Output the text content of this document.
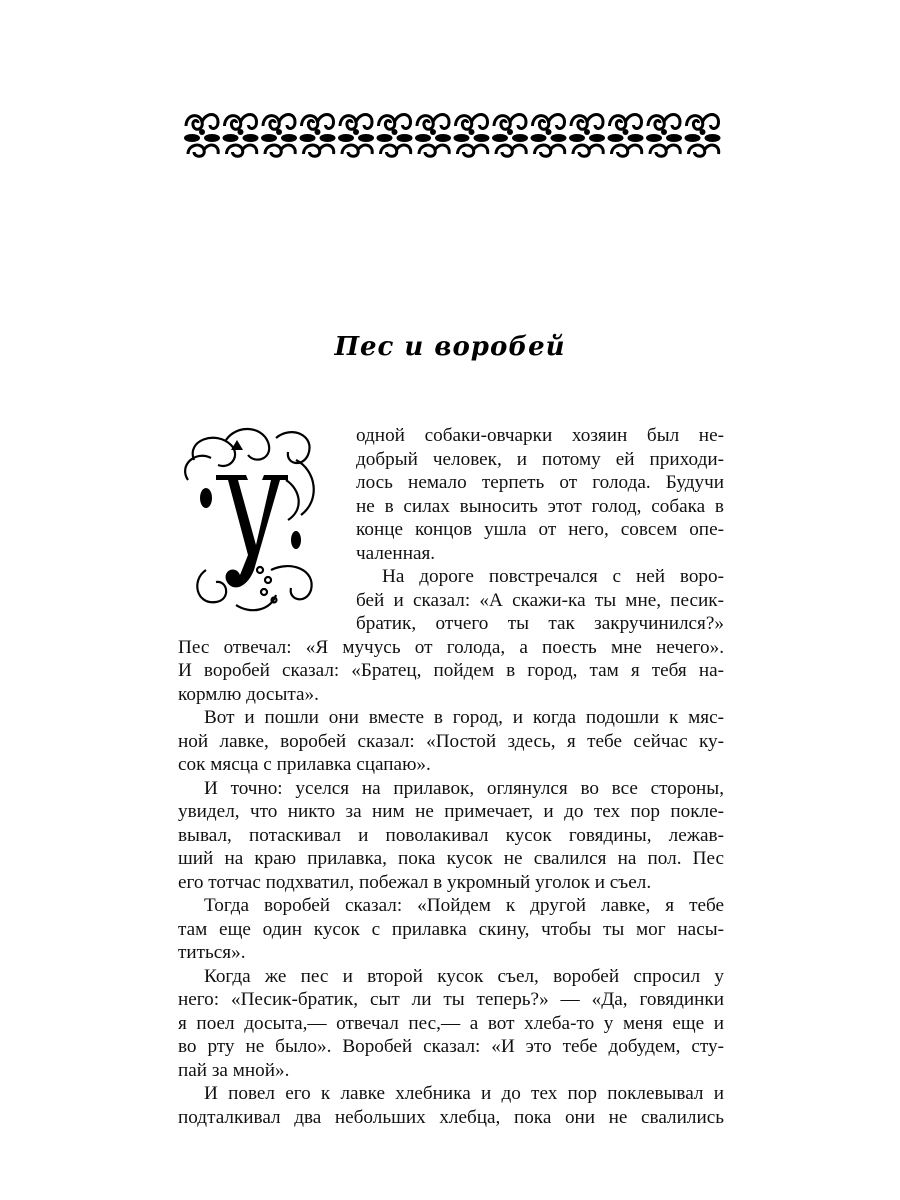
Пес и воробей
У
одной собаки-овчарки хозяин был не-
добрый человек, и потому ей приходи-
лось немало терпеть от голода. Будучи
не в силах выносить этот голод, собака в
конце концов ушла от него, совсем опе-
чаленная.
На дороге повстречался с ней воро-
бей и сказал: «А скажи-ка ты мне, песик-
братик, отчего ты так закручинился?»
Пес отвечал: «Я мучусь от голода, а поесть мне нечего».
И воробей сказал: «Братец, пойдем в город, там я тебя на-
кормлю досыта».
Вот и пошли они вместе в город, и когда подошли к мяс-
ной лавке, воробей сказал: «Постой здесь, я тебе сейчас ку-
сок мясца с прилавка сцапаю».
И точно: уселся на прилавок, оглянулся во все стороны,
увидел, что никто за ним не примечает, и до тех пор покле-
вывал, потаскивал и поволакивал кусок говядины, лежав-
ший на краю прилавка, пока кусок не свалился на пол. Пес
его тотчас подхватил, побежал в укромный уголок и съел.
Тогда воробей сказал: «Пойдем к другой лавке, я тебе
там еще один кусок с прилавка скину, чтобы ты мог насы-
титься».
Когда же пес и второй кусок съел, воробей спросил у
него: «Песик-братик, сыт ли ты теперь?» — «Да, говядинки
я поел досыта,— отвечал пес,— а вот хлеба-то у меня еще и
во рту не было». Воробей сказал: «И это тебе добудем, сту-
пай за мной».
И повел его к лавке хлебника и до тех пор поклевывал и
подталкивал два небольших хлебца, пока они не свалились
